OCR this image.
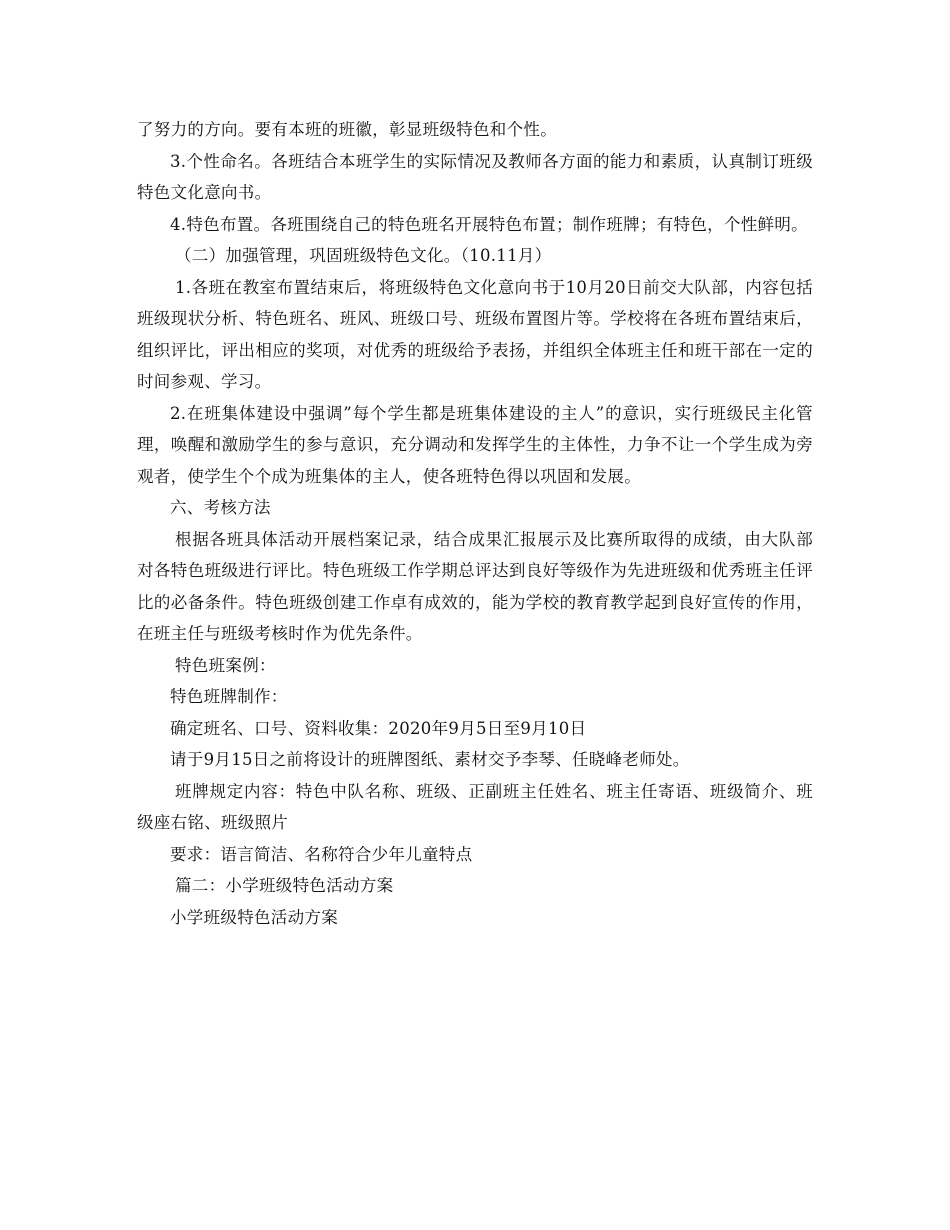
了努力的方向。要有本班的班徽，彰显班级特色和个性。

3.个性命名。各班结合本班学生的实际情况及教师各方面的能力和素质，认真制订班级特色文化意向书。

4.特色布置。各班围绕自己的特色班名开展特色布置；制作班牌；有特色，个性鲜明。

（二）加强管理，巩固班级特色文化。（10.11月）

1.各班在教室布置结束后，将班级特色文化意向书于10月20日前交大队部，内容包括班级现状分析、特色班名、班风、班级口号、班级布置图片等。学校将在各班布置结束后，组织评比，评出相应的奖项，对优秀的班级给予表扬，并组织全体班主任和班干部在一定的时间参观、学习。

2.在班集体建设中强调”每个学生都是班集体建设的主人”的意识，实行班级民主化管理，唤醒和激励学生的参与意识，充分调动和发挥学生的主体性，力争不让一个学生成为旁观者，使学生个个成为班集体的主人，使各班特色得以巩固和发展。

六、考核方法

根据各班具体活动开展档案记录，结合成果汇报展示及比赛所取得的成绩，由大队部对各特色班级进行评比。特色班级工作学期总评达到良好等级作为先进班级和优秀班主任评比的必备条件。特色班级创建工作卓有成效的，能为学校的教育教学起到良好宣传的作用，在班主任与班级考核时作为优先条件。

特色班案例：

特色班牌制作：

确定班名、口号、资料收集：2020年9月5日至9月10日

请于9月15日之前将设计的班牌图纸、素材交予李琴、任晓峰老师处。

班牌规定内容：特色中队名称、班级、正副班主任姓名、班主任寄语、班级简介、班级座右铭、班级照片

要求：语言简洁、名称符合少年儿童特点

篇二：小学班级特色活动方案

小学班级特色活动方案
